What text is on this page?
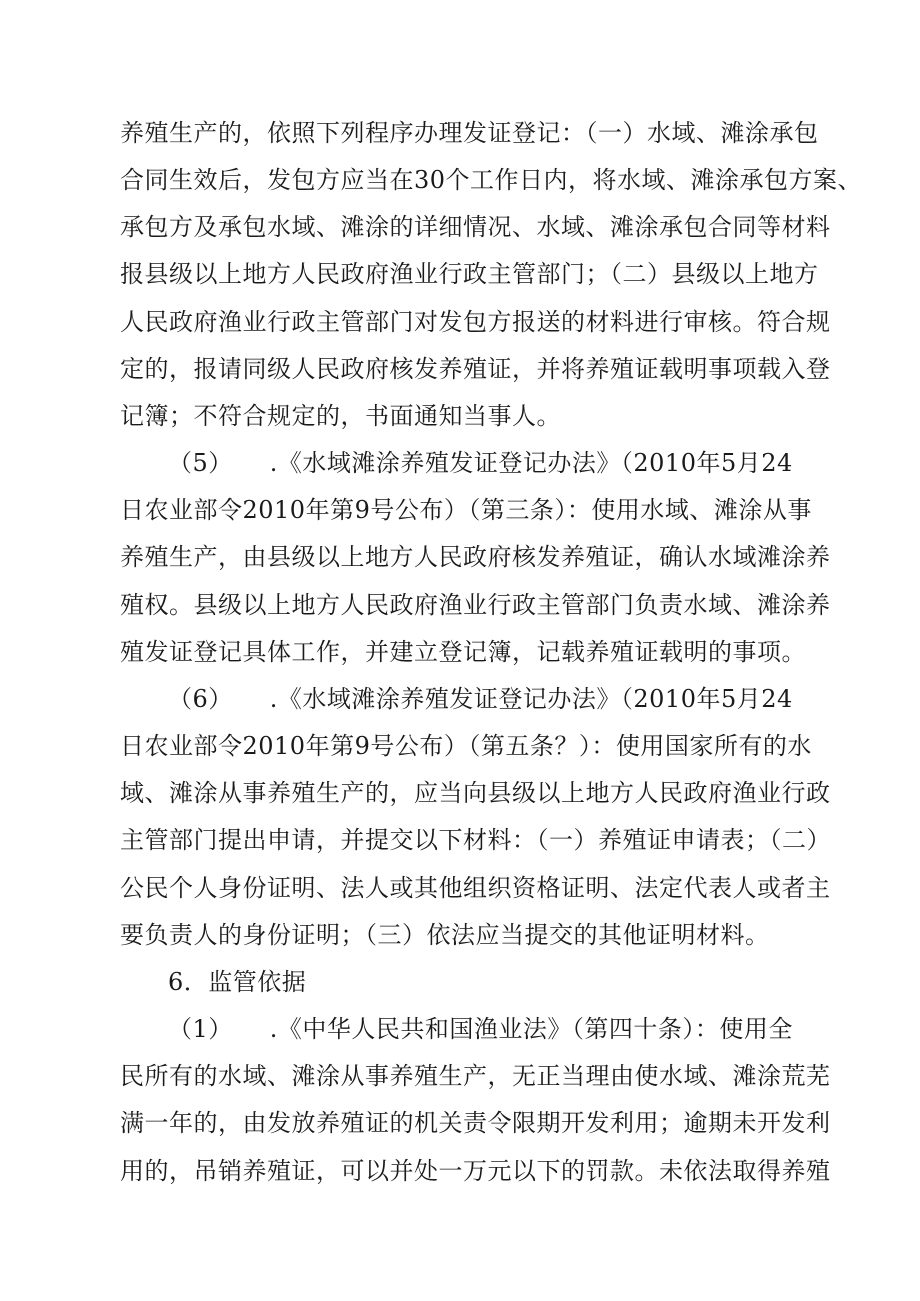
养殖生产的，依照下列程序办理发证登记：（一）水域、滩涂承包
合同生效后，发包方应当在30个工作日内，将水域、滩涂承包方案、
承包方及承包水域、滩涂的详细情况、水域、滩涂承包合同等材料
报县级以上地方人民政府渔业行政主管部门；（二）县级以上地方
人民政府渔业行政主管部门对发包方报送的材料进行审核。符合规
定的，报请同级人民政府核发养殖证，并将养殖证载明事项载入登
记簿；不符合规定的，书面通知当事人。
（5）　　.《水域滩涂养殖发证登记办法》（2010年5月24
日农业部令2010年第9号公布）（第三条）：使用水域、滩涂从事
养殖生产，由县级以上地方人民政府核发养殖证，确认水域滩涂养
殖权。县级以上地方人民政府渔业行政主管部门负责水域、滩涂养
殖发证登记具体工作，并建立登记簿，记载养殖证载明的事项。
（6）　　.《水域滩涂养殖发证登记办法》（2010年5月24
日农业部令2010年第9号公布）（第五条？）：使用国家所有的水
域、滩涂从事养殖生产的，应当向县级以上地方人民政府渔业行政
主管部门提出申请，并提交以下材料：（一）养殖证申请表；（二）
公民个人身份证明、法人或其他组织资格证明、法定代表人或者主
要负责人的身份证明；（三）依法应当提交的其他证明材料。
6．监管依据
（1）　　.《中华人民共和国渔业法》（第四十条）：使用全
民所有的水域、滩涂从事养殖生产，无正当理由使水域、滩涂荒芜
满一年的，由发放养殖证的机关责令限期开发利用；逾期未开发利
用的，吊销养殖证，可以并处一万元以下的罚款。未依法取得养殖
